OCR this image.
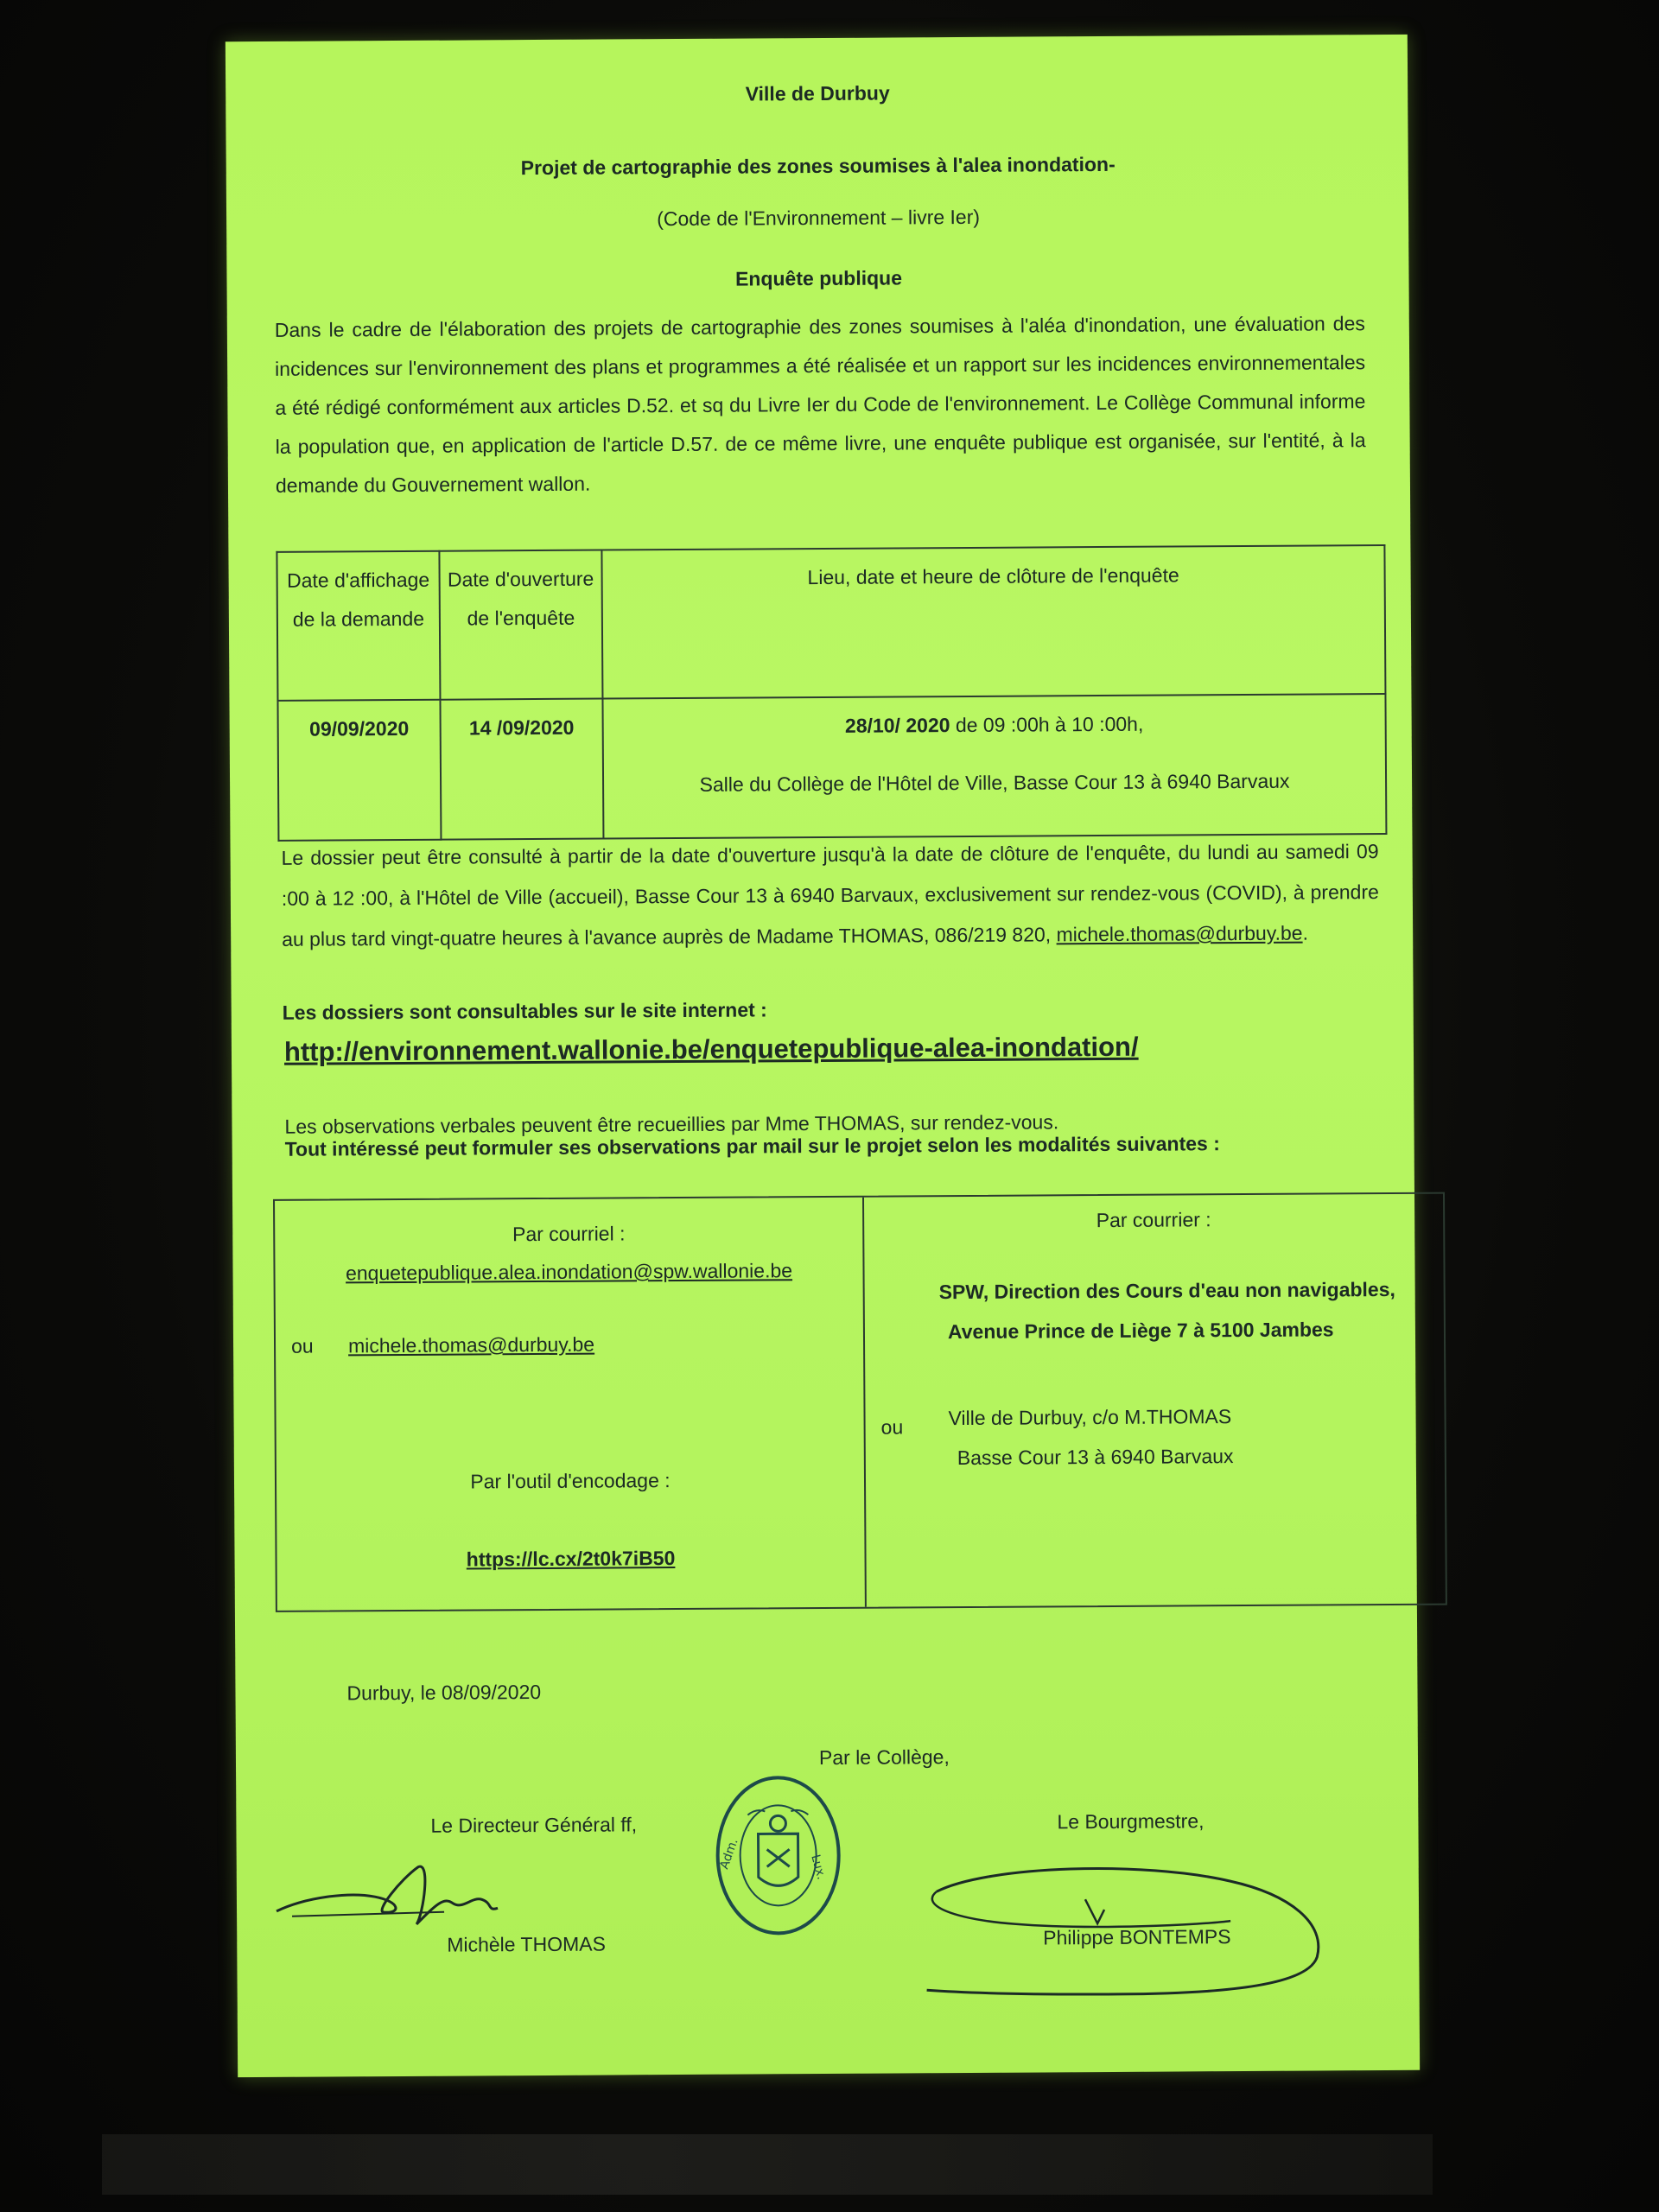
Ville de Durbuy
Projet de cartographie des zones soumises à l'alea inondation-
(Code de l'Environnement – livre Ier)
Enquête publique
Dans le cadre de l'élaboration des projets de cartographie des zones soumises à l'aléa d'inondation, une évaluation des incidences sur l'environnement des plans et programmes a été réalisée et un rapport sur les incidences environnementales a été rédigé conformément aux articles D.52. et sq du Livre Ier du Code de l'environnement. Le Collège Communal informe la population que, en application de l'article D.57. de ce même livre, une enquête publique est organisée, sur l'entité, à la demande du Gouvernement wallon.
Date d'affichage de la demande	Date d'ouverture de l'enquête	Lieu, date et heure de clôture de l'enquête
09/09/2020	14 /09/2020	28/10/ 2020 de 09 :00h à 10 :00h,
Salle du Collège de l'Hôtel de Ville, Basse Cour 13 à 6940 Barvaux
Le dossier peut être consulté à partir de la date d'ouverture jusqu'à la date de clôture de l'enquête, du lundi au samedi 09 :00 à 12 :00, à l'Hôtel de Ville (accueil), Basse Cour 13 à 6940 Barvaux, exclusivement sur rendez-vous (COVID), à prendre au plus tard vingt-quatre heures à l'avance auprès de Madame THOMAS, 086/219 820, michele.thomas@durbuy.be.
Les dossiers sont consultables sur le site internet :
http://environnement.wallonie.be/enquetepublique-alea-inondation/
Les observations verbales peuvent être recueillies par Mme THOMAS, sur rendez-vous.
Tout intéressé peut formuler ses observations par mail sur le projet selon les modalités suivantes :
Par courriel :
enquetepublique.alea.inondation@spw.wallonie.be
ou michele.thomas@durbuy.be
Par l'outil d'encodage :
https://lc.cx/2t0k7iB50
Par courrier :
SPW, Direction des Cours d'eau non navigables,
Avenue Prince de Liège 7 à 5100 Jambes
ou Ville de Durbuy, c/o M.THOMAS
Basse Cour 13 à 6940 Barvaux
Durbuy, le 08/09/2020
Par le Collège,
Le Directeur Général ff,	Le Bourgmestre,
Michèle THOMAS	Philippe BONTEMPS
Adm.	Lux.
